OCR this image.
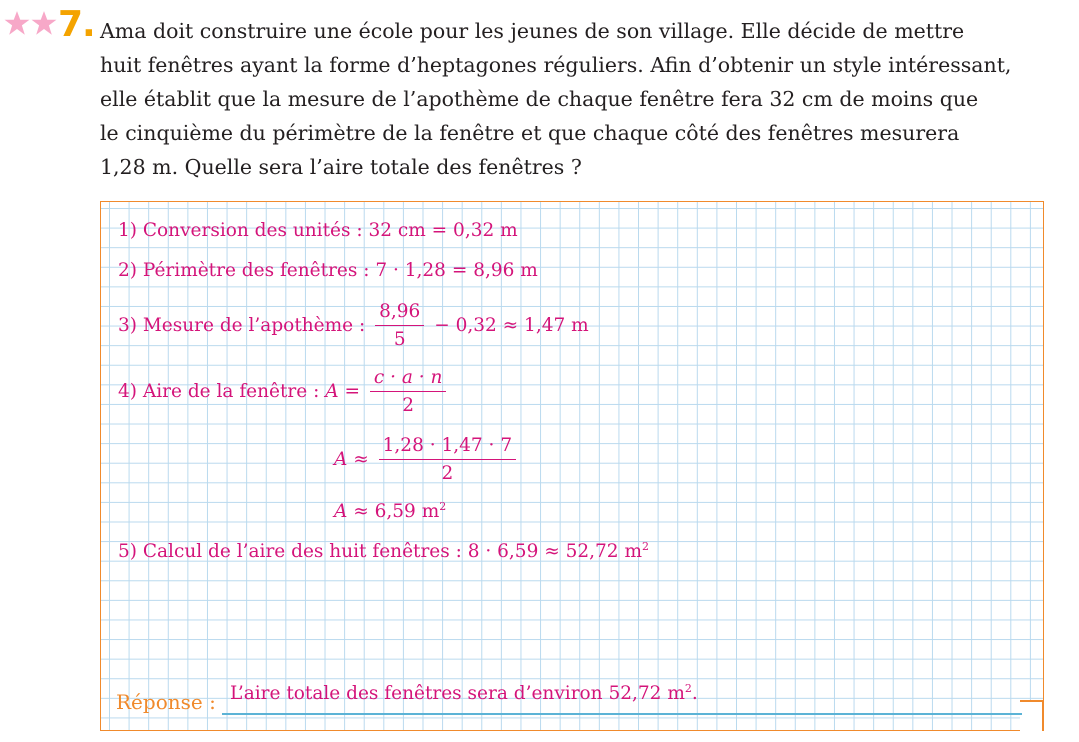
7. Ama doit construire une école pour les jeunes de son village. Elle décide de mettre
huit fenêtres ayant la forme d’heptagones réguliers. Afin d’obtenir un style intéressant,
elle établit que la mesure de l’apothème de chaque fenêtre fera 32 cm de moins que
le cinquième du périmètre de la fenêtre et que chaque côté des fenêtres mesurera
1,28 m. Quelle sera l’aire totale des fenêtres ?
1) Conversion des unités : 32 cm = 0,32 m
2) Périmètre des fenêtres : 7 · 1,28 = 8,96 m
3) Mesure de l’apothème : $\frac{8,96}{5} - 0,32 \approx 1,47$ m
4) Aire de la fenêtre : $A = \frac{c \cdot a \cdot n}{2}$
$A \approx \frac{1,28 \cdot 1,47 \cdot 7}{2}$
A ≈ 6,59 $m^2$
5) Calcul de l’aire des huit fenêtres : 8 · 6,59 ≈ 52,72 $m^2$
Réponse : L’aire totale des fenêtres sera d’environ 52,72 $m^2$.
